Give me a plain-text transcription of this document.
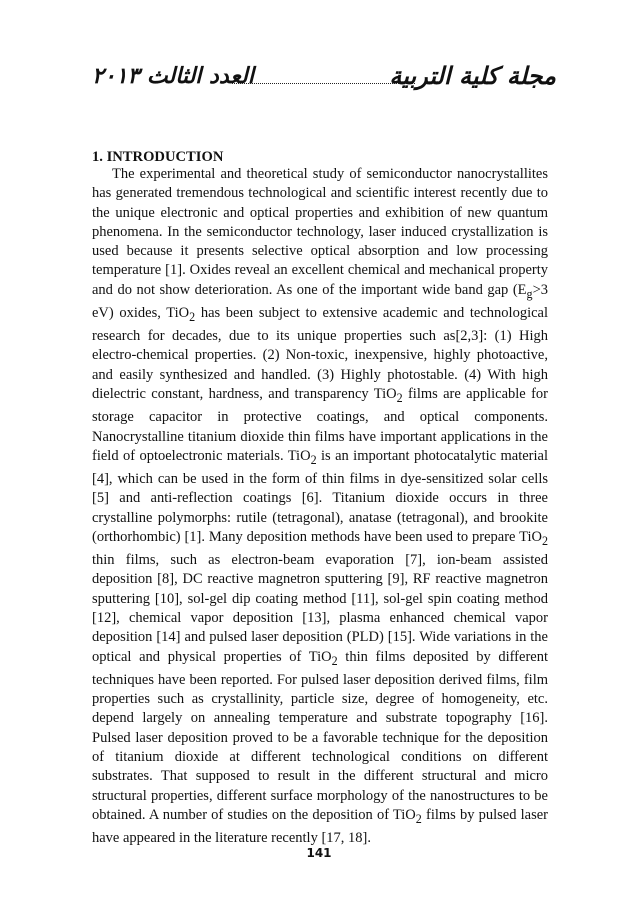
العدد الثالث ٢٠١٣	مجلة كلية التربية
1. INTRODUCTION

The experimental and theoretical study of semiconductor nanocrystallites has generated tremendous technological and scientific interest recently due to the unique electronic and optical properties and exhibition of new quantum phenomena. In the semiconductor technology, laser induced crystallization is used because it presents selective optical absorption and low processing temperature [1]. Oxides reveal an excellent chemical and mechanical property and do not show deterioration. As one of the important wide band gap ($E_g>3$ eV) oxides, TiO$_2$ has been subject to extensive academic and technological research for decades, due to its unique properties such as[2,3]: (1) High electro-chemical properties. (2) Non-toxic, inexpensive, highly photoactive, and easily synthesized and handled. (3) Highly photostable. (4) With high dielectric constant, hardness, and transparency TiO$_2$ films are applicable for storage capacitor in protective coatings, and optical components. Nanocrystalline titanium dioxide thin films have important applications in the field of optoelectronic materials. TiO$_2$ is an important photocatalytic material [4], which can be used in the form of thin films in dye-sensitized solar cells [5] and anti-reflection coatings [6]. Titanium dioxide occurs in three crystalline polymorphs: rutile (tetragonal), anatase (tetragonal), and brookite (orthorhombic) [1]. Many deposition methods have been used to prepare TiO$_2$ thin films, such as electron-beam evaporation [7], ion-beam assisted deposition [8], DC reactive magnetron sputtering [9], RF reactive magnetron sputtering [10], sol-gel dip coating method [11], sol-gel spin coating method [12], chemical vapor deposition [13], plasma enhanced chemical vapor deposition [14] and pulsed laser deposition (PLD) [15]. Wide variations in the optical and physical properties of TiO$_2$ thin films deposited by different techniques have been reported. For pulsed laser deposition derived films, film properties such as crystallinity, particle size, degree of homogeneity, etc. depend largely on annealing temperature and substrate topography [16]. Pulsed laser deposition proved to be a favorable technique for the deposition of titanium dioxide at different technological conditions on different substrates. That supposed to result in the different structural and micro structural properties, different surface morphology of the nanostructures to be obtained. A number of studies on the deposition of TiO$_2$ films by pulsed laser have appeared in the literature recently [17, 18].

141
